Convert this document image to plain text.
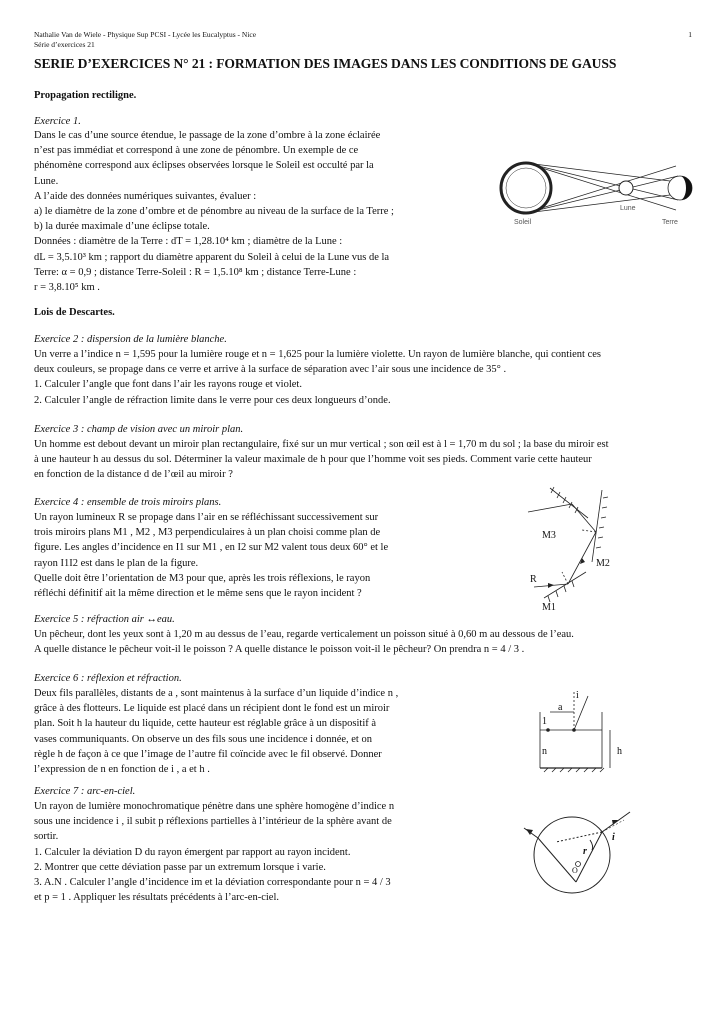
Nathalie Van de Wiele - Physique Sup PCSI - Lycée les Eucalyptus - Nice
Série d’exercices 21
1
SERIE D’EXERCICES N° 21 : FORMATION DES IMAGES DANS LES CONDITIONS DE GAUSS
Propagation rectiligne.
Exercice 1.
Dans le cas d’une source étendue, le passage de la zone d’ombre à la zone éclairée
n’est pas immédiat et correspond à une zone de pénombre. Un exemple de ce
phénomène correspond aux éclipses observées lorsque le Soleil est occulté par la
Lune.
A l’aide des données numériques suivantes, évaluer :
a) le diamètre de la zone d’ombre et de pénombre au niveau de la surface de la Terre ;
b) la durée maximale d’une éclipse totale.
Données : diamètre de la Terre : dT = 1,28.10⁴ km ; diamètre de la Lune :
dL = 3,5.10³ km ; rapport du diamètre apparent du Soleil à celui de la Lune vus de la
Terre: α = 0,9 ; distance Terre-Soleil : R = 1,5.10⁸ km ; distance Terre-Lune :
r = 3,8.10⁵ km .
Soleil
Lune
Terre
Lois de Descartes.
Exercice 2 : dispersion de la lumière blanche.
Un verre a l’indice n = 1,595 pour la lumière rouge et n = 1,625 pour la lumière violette. Un rayon de lumière blanche, qui contient ces
deux couleurs, se propage dans ce verre et arrive à la surface de séparation avec l’air sous une incidence de 35° .
1. Calculer l’angle que font dans l’air les rayons rouge et violet.
2. Calculer l’angle de réfraction limite dans le verre pour ces deux longueurs d’onde.
Exercice 3 : champ de vision avec un miroir plan.
Un homme est debout devant un miroir plan rectangulaire, fixé sur un mur vertical ; son œil est à l = 1,70 m du sol ; la base du miroir est
à une hauteur h au dessus du sol. Déterminer la valeur maximale de h pour que l’homme voit ses pieds. Comment varie cette hauteur
en fonction de la distance d de l’œil au miroir ?
Exercice 4 : ensemble de trois miroirs plans.
Un rayon lumineux R se propage dans l’air en se réfléchissant successivement sur
trois miroirs plans M1 , M2 , M3 perpendiculaires à un plan choisi comme plan de
figure. Les angles d’incidence en I1 sur M1 , en I2 sur M2 valent tous deux 60° et le
rayon I1I2 est dans le plan de la figure.
Quelle doit être l’orientation de M3 pour que, après les trois réflexions, le rayon
réfléchi définitif ait la même direction et le même sens que le rayon incident ?
M3
M2
M1
R
Exercice 5 : réfraction air ↔eau.
Un pêcheur, dont les yeux sont à 1,20 m au dessus de l’eau, regarde verticalement un poisson situé à 0,60 m au dessous de l’eau.
A quelle distance le pêcheur voit-il le poisson ? A quelle distance le poisson voit-il le pêcheur? On prendra n = 4 / 3 .
Exercice 6 : réflexion et réfraction.
Deux fils parallèles, distants de a , sont maintenus à la surface d’un liquide d’indice n ,
grâce à des flotteurs. Le liquide est placé dans un récipient dont le fond est un miroir
plan. Soit h la hauteur du liquide, cette hauteur est réglable grâce à un dispositif à
vases communiquants. On observe un des fils sous une incidence i donnée, et on
règle h de façon à ce que l’image de l’autre fil coïncide avec le fil observé. Donner
l’expression de n en fonction de i , a et h .
i
a
1
n	h
Exercice 7 : arc-en-ciel.
Un rayon de lumière monochromatique pénètre dans une sphère homogène d’indice n
sous une incidence i , il subit p réflexions partielles à l’intérieur de la sphère avant de
sortir.
1. Calculer la déviation D du rayon émergent par rapport au rayon incident.
2. Montrer que cette déviation passe par un extremum lorsque i varie.
3. A.N . Calculer l’angle d’incidence im et la déviation correspondante pour n = 4 / 3
et p = 1 . Appliquer les résultats précédents à l’arc-en-ciel.
i
r
O
